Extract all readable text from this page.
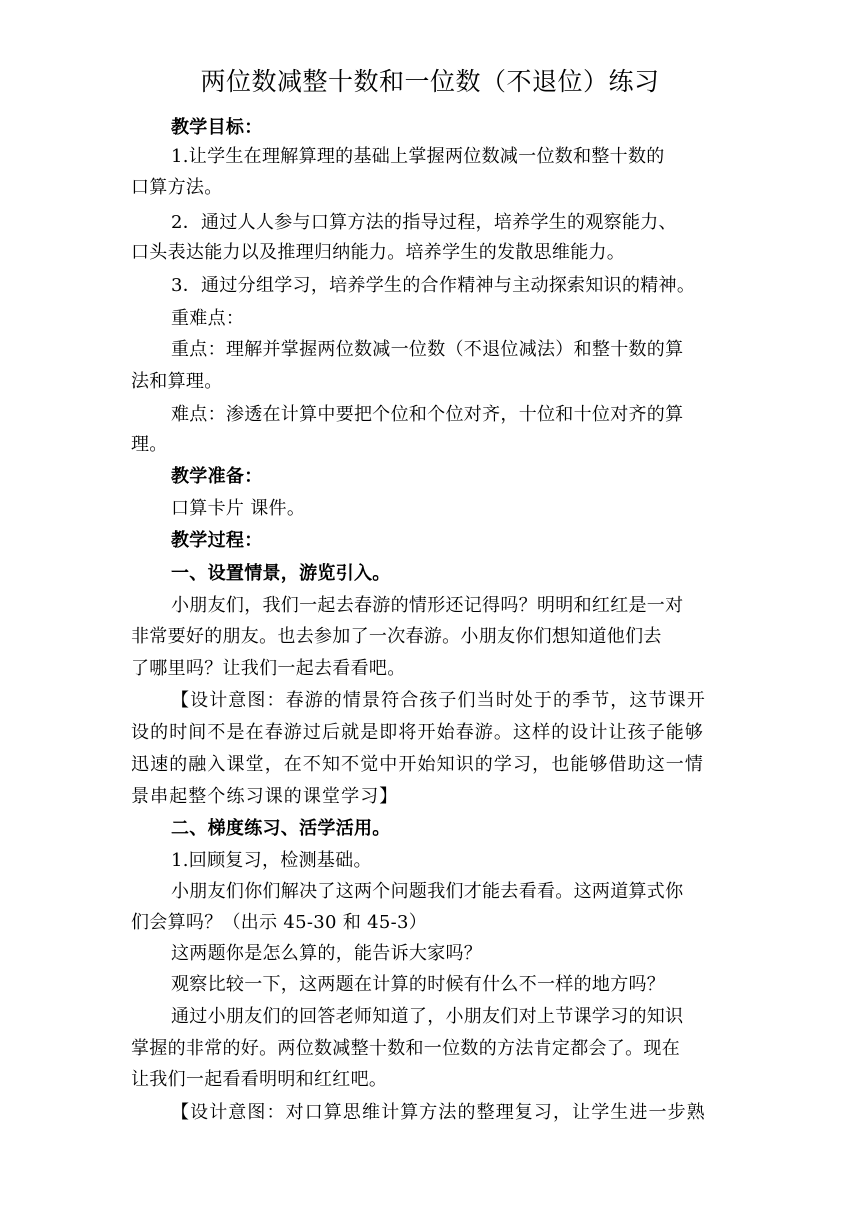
两位数减整十数和一位数（不退位）练习
教学目标：
1.让学生在理解算理的基础上掌握两位数减一位数和整十数的
口算方法。
2．通过人人参与口算方法的指导过程，培养学生的观察能力、
口头表达能力以及推理归纳能力。培养学生的发散思维能力。
3．通过分组学习，培养学生的合作精神与主动探索知识的精神。
重难点：
重点：理解并掌握两位数减一位数（不退位减法）和整十数的算
法和算理。
难点：渗透在计算中要把个位和个位对齐，十位和十位对齐的算
理。
教学准备：
口算卡片 课件。
教学过程：
一、设置情景，游览引入。
小朋友们，我们一起去春游的情形还记得吗？明明和红红是一对
非常要好的朋友。也去参加了一次春游。小朋友你们想知道他们去
了哪里吗？让我们一起去看看吧。
【设计意图：春游的情景符合孩子们当时处于的季节，这节课开
设的时间不是在春游过后就是即将开始春游。这样的设计让孩子能够
迅速的融入课堂，在不知不觉中开始知识的学习，也能够借助这一情
景串起整个练习课的课堂学习】
二、梯度练习、活学活用。
1.回顾复习，检测基础。
小朋友们你们解决了这两个问题我们才能去看看。这两道算式你
们会算吗？（出示 45-30 和 45-3）
这两题你是怎么算的，能告诉大家吗？
观察比较一下，这两题在计算的时候有什么不一样的地方吗？
通过小朋友们的回答老师知道了，小朋友们对上节课学习的知识
掌握的非常的好。两位数减整十数和一位数的方法肯定都会了。现在
让我们一起看看明明和红红吧。
【设计意图：对口算思维计算方法的整理复习，让学生进一步熟
